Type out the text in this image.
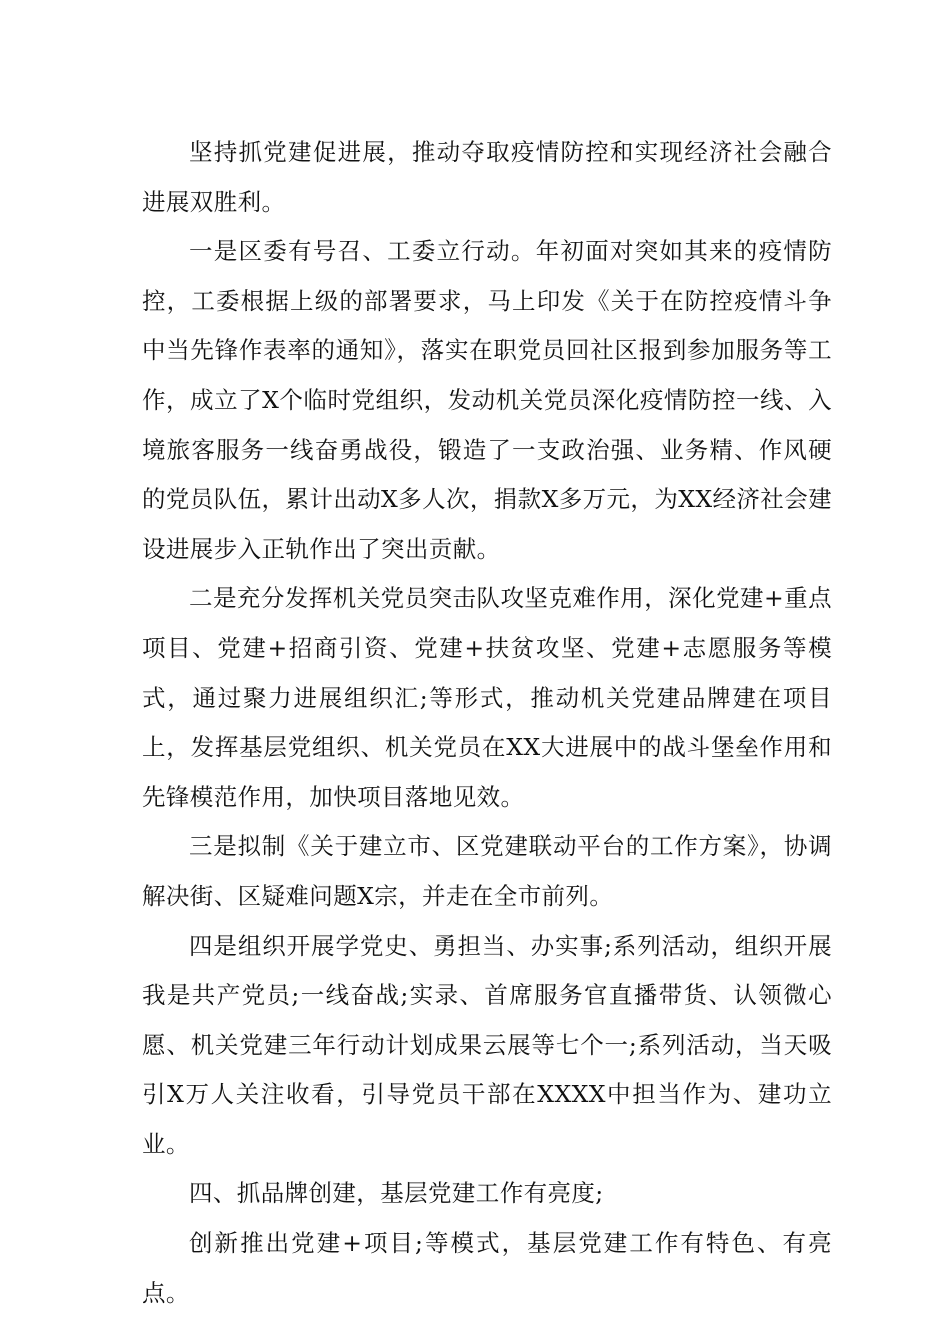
坚持抓党建促进展，推动夺取疫情防控和实现经济社会融合进展双胜利。

一是区委有号召、工委立行动。年初面对突如其来的疫情防控，工委根据上级的部署要求，马上印发《关于在防控疫情斗争中当先锋作表率的通知》，落实在职党员回社区报到参加服务等工作，成立了X个临时党组织，发动机关党员深化疫情防控一线、入境旅客服务一线奋勇战役，锻造了一支政治强、业务精、作风硬的党员队伍，累计出动X多人次，捐款X多万元，为XX经济社会建设进展步入正轨作出了突出贡献。

二是充分发挥机关党员突击队攻坚克难作用，深化党建+重点项目、党建+招商引资、党建+扶贫攻坚、党建+志愿服务等模式，通过聚力进展组织汇;等形式，推动机关党建品牌建在项目上，发挥基层党组织、机关党员在XX大进展中的战斗堡垒作用和先锋模范作用，加快项目落地见效。

三是拟制《关于建立市、区党建联动平台的工作方案》，协调解决街、区疑难问题X宗，并走在全市前列。

四是组织开展学党史、勇担当、办实事;系列活动，组织开展我是共产党员;一线奋战;实录、首席服务官直播带货、认领微心愿、机关党建三年行动计划成果云展等七个一;系列活动，当天吸引X万人关注收看，引导党员干部在XXXX中担当作为、建功立业。

四、抓品牌创建，基层党建工作有亮度;

创新推出党建+项目;等模式，基层党建工作有特色、有亮点。
